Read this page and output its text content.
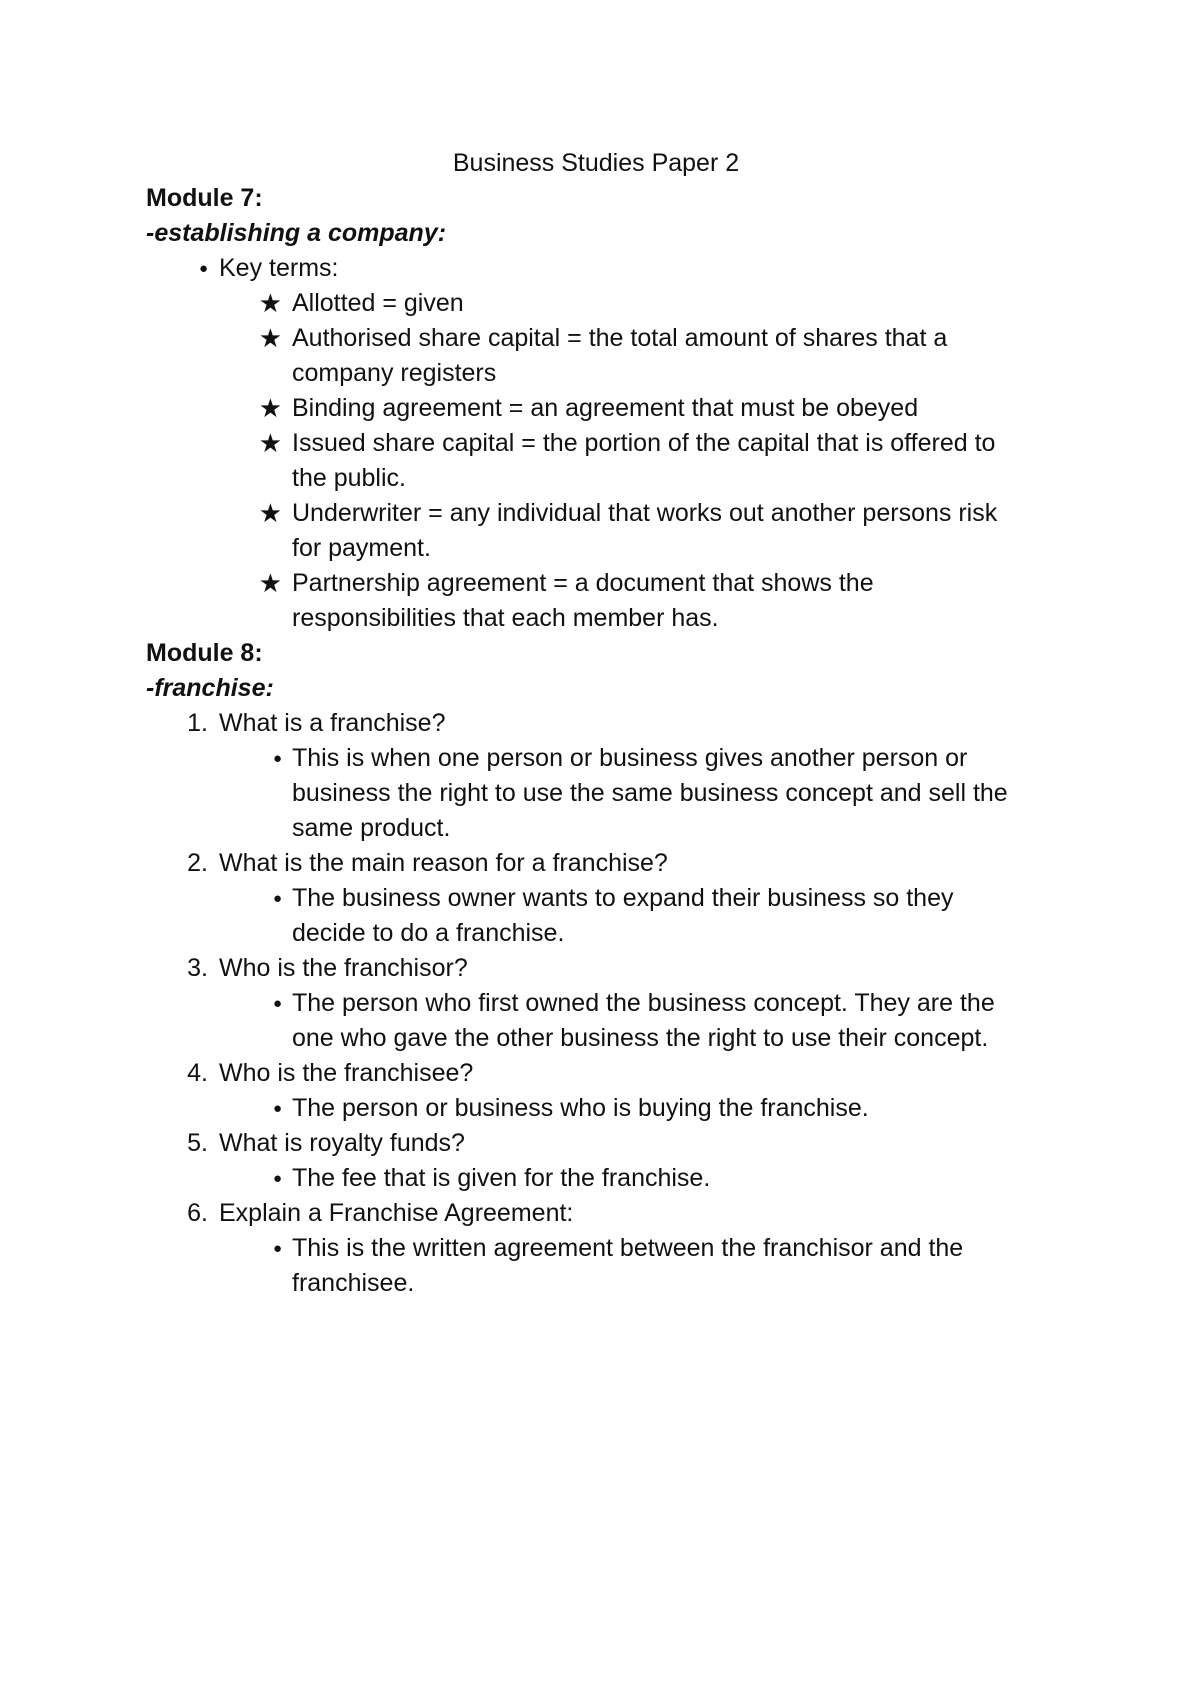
Business Studies Paper 2
Module 7:
-establishing a company:
● Key terms:
★ Allotted = given
★ Authorised share capital = the total amount of shares that a
company registers
★ Binding agreement = an agreement that must be obeyed
★ Issued share capital = the portion of the capital that is offered to
the public.
★ Underwriter = any individual that works out another persons risk
for payment.
★ Partnership agreement = a document that shows the
responsibilities that each member has.
Module 8:
-franchise:
1. What is a franchise?
● This is when one person or business gives another person or
business the right to use the same business concept and sell the
same product.
2. What is the main reason for a franchise?
● The business owner wants to expand their business so they
decide to do a franchise.
3. Who is the franchisor?
● The person who first owned the business concept. They are the
one who gave the other business the right to use their concept.
4. Who is the franchisee?
● The person or business who is buying the franchise.
5. What is royalty funds?
● The fee that is given for the franchise.
6. Explain a Franchise Agreement:
● This is the written agreement between the franchisor and the
franchisee.
